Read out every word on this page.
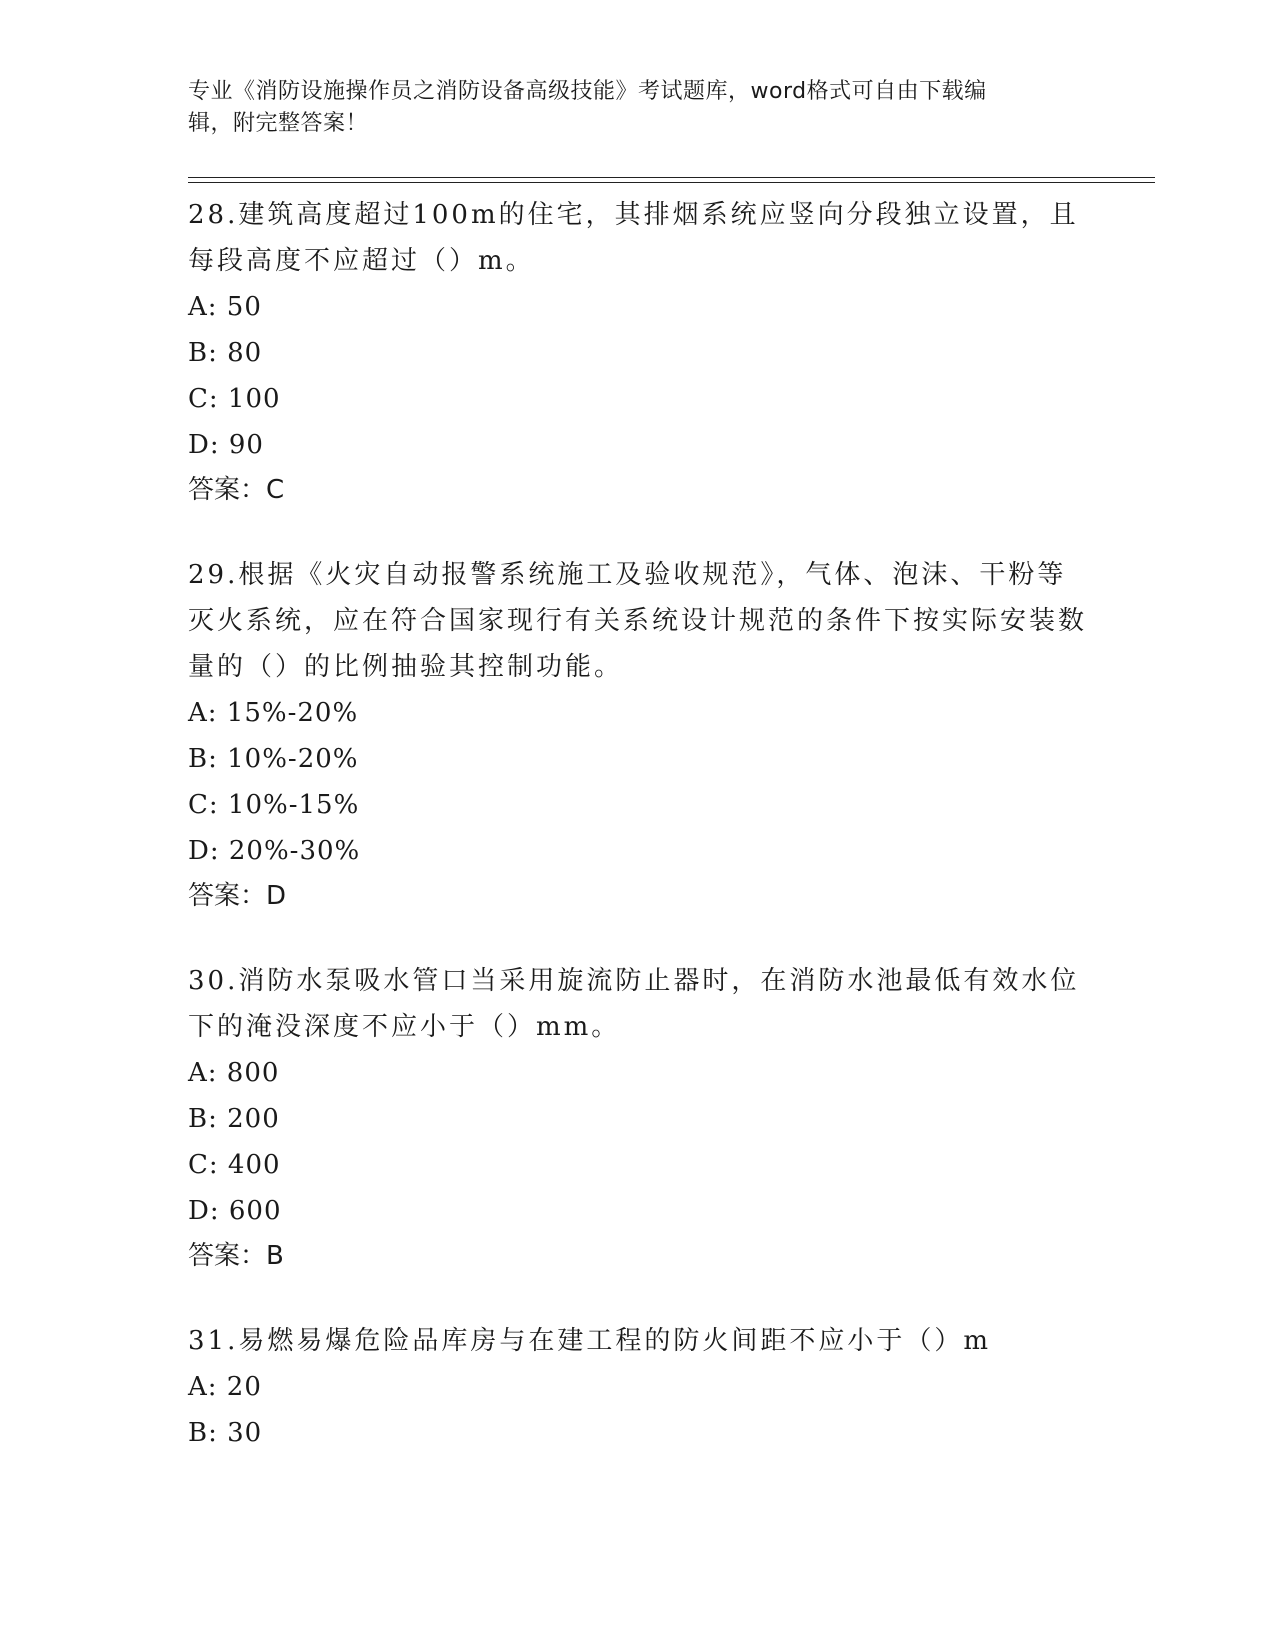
专业《消防设施操作员之消防设备高级技能》考试题库，word格式可自由下载编
辑，附完整答案！

28.建筑高度超过100m的住宅，其排烟系统应竖向分段独立设置，且每段高度不应超过（）m。

A: 50

B: 80

C: 100

D: 90

答案：C

29.根据《火灾自动报警系统施工及验收规范》，气体、泡沫、干粉等灭火系统，应在符合国家现行有关系统设计规范的条件下按实际安装数量的（）的比例抽验其控制功能。

A: 15%-20%

B: 10%-20%

C: 10%-15%

D: 20%-30%

答案：D

30.消防水泵吸水管口当采用旋流防止器时，在消防水池最低有效水位下的淹没深度不应小于（）mm。

A: 800

B: 200

C: 400

D: 600

答案：B

31.易燃易爆危险品库房与在建工程的防火间距不应小于（）m

A: 20

B: 30
